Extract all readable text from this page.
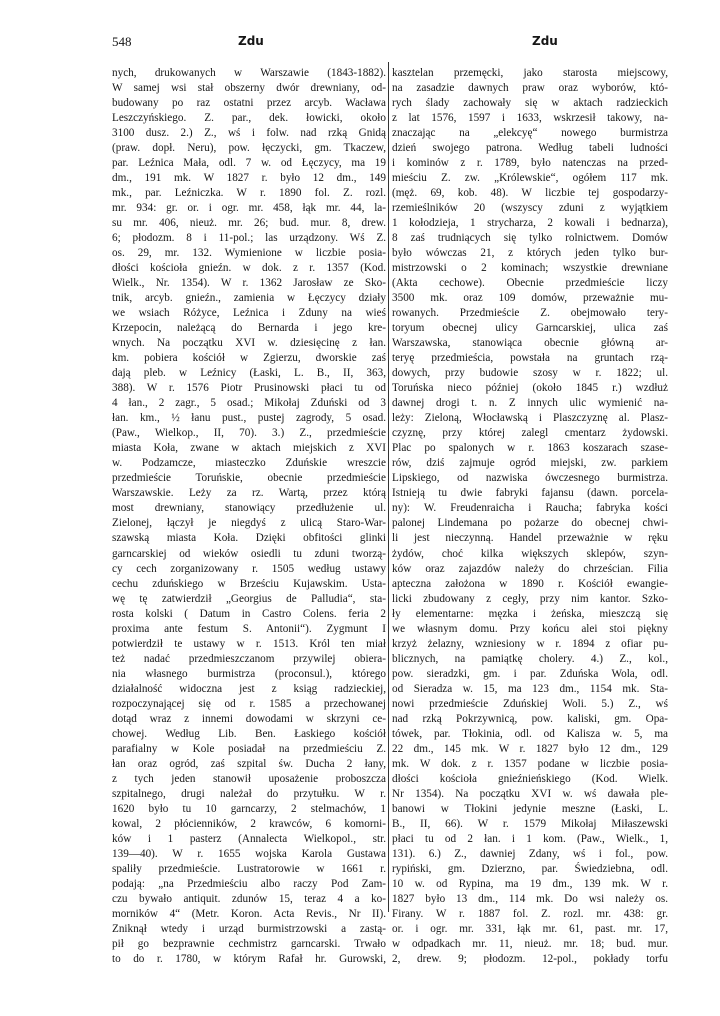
548	Zdu	Zdu
nych, drukowanych w Warszawie (1843-1882).
W samej wsi stał obszerny dwór drewniany, od-
budowany po raz ostatni przez arcyb. Wacława
Leszczyńskiego. Z. par., dek. łowicki, około
3100 dusz. 2.) Z., wś i folw. nad rzką Gnidą
(praw. dopł. Neru), pow. łęczycki, gm. Tkaczew,
par. Leźnica Mała, odl. 7 w. od Łęczycy, ma 19
dm., 191 mk. W 1827 r. było 12 dm., 149
mk., par. Leźniczka. W r. 1890 fol. Z. rozl.
mr. 934: gr. or. i ogr. mr. 458, łąk mr. 44, la-
su mr. 406, nieuż. mr. 26; bud. mur. 8, drew.
6; płodozm. 8 i 11-pol.; las urządzony. Wś Z.
os. 29, mr. 132. Wymienione w liczbie posia-
dłości kościoła gnieźn. w dok. z r. 1357 (Kod.
Wielk., Nr. 1354). W r. 1362 Jarosław ze Sko-
tnik, arcyb. gnieźn., zamienia w Łęczycy działy
we wsiach Różyce, Leźnica i Zduny na wieś
Krzepocin, należącą do Bernarda i jego kre-
wnych. Na początku XVI w. dziesięcinę z łan.
km. pobiera kościół w Zgierzu, dworskie zaś
dają pleb. w Leźnicy (Łaski, L. B., II, 363,
388). W r. 1576 Piotr Prusinowski płaci tu od
4 łan., 2 zagr., 5 osad.; Mikołaj Zduński od 3
łan. km., ½ łanu pust., pustej zagrody, 5 osad.
(Paw., Wielkop., II, 70). 3.) Z., przedmieście
miasta Koła, zwane w aktach miejskich z XVI
w. Podzamcze, miasteczko Zduńskie wreszcie
przedmieście Toruńskie, obecnie przedmieście
Warszawskie. Leży za rz. Wartą, przez którą
most drewniany, stanowiący przedłużenie ul.
Zielonej, łączył je niegdyś z ulicą Staro-War-
szawską miasta Koła. Dzięki obfitości glinki
garncarskiej od wieków osiedli tu zduni tworzą-
cy cech zorganizowany r. 1505 według ustawy
cechu zduńskiego w Brześciu Kujawskim. Usta-
wę tę zatwierdził „Georgius de Palludia“, sta-
rosta kolski ( Datum in Castro Colens. feria 2
proxima ante festum S. Antonii“). Zygmunt I
potwierdził te ustawy w r. 1513. Król ten miał
też nadać przedmieszczanom przywilej obiera-
nia własnego burmistrza (proconsul.), którego
działalność widoczna jest z ksiąg radzieckiej,
rozpoczynającej się od r. 1585 a przechowanej
dotąd wraz z innemi dowodami w skrzyni ce-
chowej. Według Lib. Ben. Łaskiego kościół
parafialny w Kole posiadał na przedmieściu Z.
łan oraz ogród, zaś szpital św. Ducha 2 łany,
z tych jeden stanowił uposażenie proboszcza
szpitalnego, drugi należał do przytułku. W r.
1620 było tu 10 garncarzy, 2 stelmachów, 1
kowal, 2 płócienników, 2 krawców, 6 komorni-
ków i 1 pasterz (Annalecta Wielkopol., str.
139—40). W r. 1655 wojska Karola Gustawa
spaliły przedmieście. Lustratorowie w 1661 r.
podają: „na Przedmieściu albo raczy Pod Zam-
czu bywało antiquit. zdunów 15, teraz 4 a ko-
morników 4“ (Metr. Koron. Acta Revis., Nr II).
Zniknął wtedy i urząd burmistrzowski a zastą-
pił go bezprawnie cechmistrz garncarski. Trwało
to do r. 1780, w którym Rafał hr. Gurowski,
kasztelan przemęcki, jako starosta miejscowy,
na zasadzie dawnych praw oraz wyborów, któ-
rych ślady zachowały się w aktach radzieckich
z lat 1576, 1597 i 1633, wskrzesił takowy, na-
znaczając na „elekcyę“ nowego burmistrza
dzień swojego patrona. Według tabeli ludności
i kominów z r. 1789, było natenczas na przed-
mieściu Z. zw. „Królewskie“, ogółem 117 mk.
(męż. 69, kob. 48). W liczbie tej gospodarzy-
rzemieślników 20 (wszyscy zduni z wyjątkiem
1 kołodzieja, 1 strycharza, 2 kowali i bednarza),
8 zaś trudniących się tylko rolnictwem. Domów
było wówczas 21, z których jeden tylko bur-
mistrzowski o 2 kominach; wszystkie drewniane
(Akta cechowe). Obecnie przedmieście liczy
3500 mk. oraz 109 domów, przeważnie mu-
rowanych. Przedmieście Z. obejmowało tery-
toryum obecnej ulicy Garncarskiej, ulica zaś
Warszawska, stanowiąca obecnie główną ar-
teryę przedmieścia, powstała na gruntach rzą-
dowych, przy budowie szosy w r. 1822; ul.
Toruńska nieco później (około 1845 r.) wzdłuż
dawnej drogi t. n. Z innych ulic wymienić na-
leży: Zieloną, Włocławską i Plaszczyznę al. Plasz-
czyznę, przy której zalegl cmentarz żydowski.
Plac po spalonych w r. 1863 koszarach szase-
rów, dziś zajmuje ogród miejski, zw. parkiem
Lipskiego, od nazwiska ówczesnego burmistrza.
Istnieją tu dwie fabryki fajansu (dawn. porcela-
ny): W. Freudenraicha i Raucha; fabryka kości
palonej Lindemana po pożarze do obecnej chwi-
li jest nieczynną. Handel przeważnie w ręku
żydów, choć kilka większych sklepów, szyn-
ków oraz zajazdów należy do chrześcian. Filia
apteczna założona w 1890 r. Kościół ewangie-
licki zbudowany z cegły, przy nim kantor. Szko-
ły elementarne: męzka i żeńska, mieszczą się
we własnym domu. Przy końcu alei stoi piękny
krzyż żelazny, wzniesiony w r. 1894 z ofiar pu-
blicznych, na pamiątkę cholery. 4.) Z., kol.,
pow. sieradzki, gm. i par. Zduńska Wola, odl.
od Sieradza w. 15, ma 123 dm., 1154 mk. Sta-
nowi przedmieście Zduńskiej Woli. 5.) Z., wś
nad rzką Pokrzywnicą, pow. kaliski, gm. Opa-
tówek, par. Tłokinia, odl. od Kalisza w. 5, ma
22 dm., 145 mk. W r. 1827 było 12 dm., 129
mk. W dok. z r. 1357 podane w liczbie posia-
dłości kościoła gnieźnieńskiego (Kod. Wielk.
Nr 1354). Na początku XVI w. wś dawała ple-
banowi w Tłokini jedynie meszne (Łaski, L.
B., II, 66). W r. 1579 Mikołaj Miłaszewski
płaci tu od 2 łan. i 1 kom. (Paw., Wielk., 1,
131). 6.) Z., dawniej Zdany, wś i fol., pow.
rypiński, gm. Dzierzno, par. Świedziebna, odl.
10 w. od Rypina, ma 19 dm., 139 mk. W r.
1827 było 13 dm., 114 mk. Do wsi należy os.
Firany. W r. 1887 fol. Z. rozl. mr. 438: gr.
or. i ogr. mr. 331, łąk mr. 61, past. mr. 17,
w odpadkach mr. 11, nieuż. mr. 18; bud. mur.
2, drew. 9; płodozm. 12-pol., pokłady torfu
